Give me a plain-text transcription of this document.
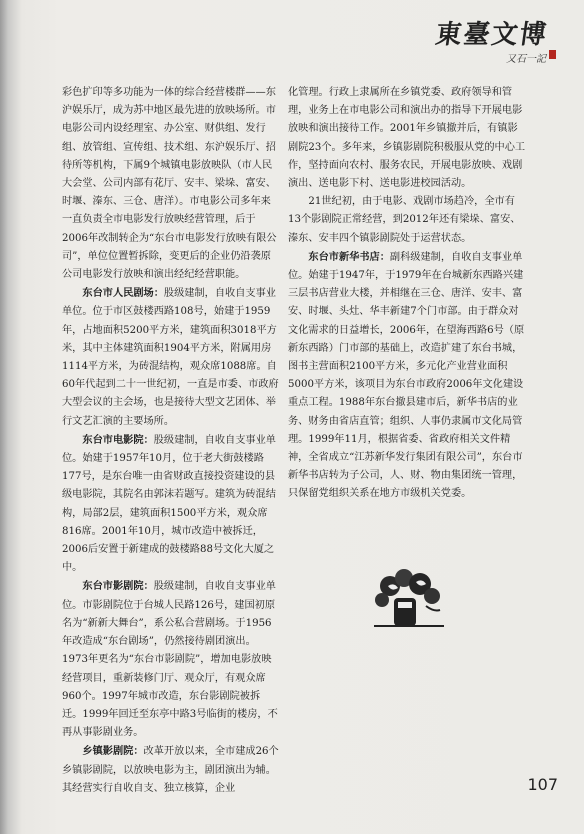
東臺文博
又石一記

彩色扩印等多功能为一体的综合经营楼群——东沪娱乐厅，成为苏中地区最先进的放映场所。市电影公司内设经理室、办公室、财供组、发行组、放管组、宣传组、技术组、东沪娱乐厅、招待所等机构，下属9个城镇电影放映队（市人民大会堂、公司内部有花厅、安丰、梁垛、富安、时堰、溱东、三仓、唐洋）。市电影公司多年来一直负责全市电影发行放映经营管理，后于2006年改制转企为“东台市电影发行放映有限公司”，单位位置暂拆除，变更后的企业仍沿袭原公司电影发行放映和演出经纪经营职能。

东台市人民剧场：股级建制，自收自支事业单位。位于市区鼓楼西路108号，始建于1959年，占地面积5200平方米，建筑面积3018平方米，其中主体建筑面积1904平方米，附属用房1114平方米，为砖混结构，观众席1088席。自60年代起到二十一世纪初，一直是市委、市政府大型会议的主会场，也是接待大型文艺团体、举行文艺汇演的主要场所。

东台市电影院：股级建制，自收自支事业单位。始建于1957年10月，位于老大街鼓楼路177号，是东台唯一由省财政直接投资建设的县级电影院，其院名由郭沫若题写。建筑为砖混结构，局部2层，建筑面积1500平方米，观众席816席。2001年10月，城市改造中被拆迁，2006后安置于新建成的鼓楼路88号文化大厦之中。

东台市影剧院：股级建制，自收自支事业单位。市影剧院位于台城人民路126号，建国初原名为“新新大舞台”，系公私合营剧场。于1956年改造成“东台剧场”，仍然接待剧团演出。1973年更名为“东台市影剧院”，增加电影放映经营项目，重新装修门厅、观众厅，有观众席960个。1997年城市改造，东台影剧院被拆迁。1999年回迁至东亭中路3号临街的楼房，不再从事影剧业务。

乡镇影剧院：改革开放以来，全市建成26个乡镇影剧院，以放映电影为主，剧团演出为辅。其经营实行自收自支、独立核算，企业

化管理。行政上隶属所在乡镇党委、政府领导和管理，业务上在市电影公司和演出办的指导下开展电影放映和演出接待工作。2001年乡镇撤并后，有镇影剧院23个。多年来，乡镇影剧院积极服从党的中心工作，坚持面向农村、服务农民，开展电影放映、戏剧演出、送电影下村、送电影进校园活动。

21世纪初，由于电影、戏剧市场趋冷，全市有13个影剧院正常经营，到2012年还有梁垛、富安、溱东、安丰四个镇影剧院处于运营状态。

东台市新华书店：副科级建制，自收自支事业单位。始建于1947年，于1979年在台城新东西路兴建三层书店营业大楼，并相继在三仓、唐洋、安丰、富安、时堰、头灶、华丰新建7个门市部。由于群众对文化需求的日益增长，2006年，在望海西路6号（原新东西路）门市部的基础上，改造扩建了东台书城，图书主营面积2100平方米，多元化产业营业面积5000平方米，该项目为东台市政府2006年文化建设重点工程。1988年东台撤县建市后，新华书店的业务、财务由省店直管；组织、人事仍隶属市文化局管理。1999年11月，根据省委、省政府相关文件精神，全省成立“江苏新华发行集团有限公司”，东台市新华书店转为子公司，人、财、物由集团统一管理，只保留党组织关系在地方市级机关党委。

107
